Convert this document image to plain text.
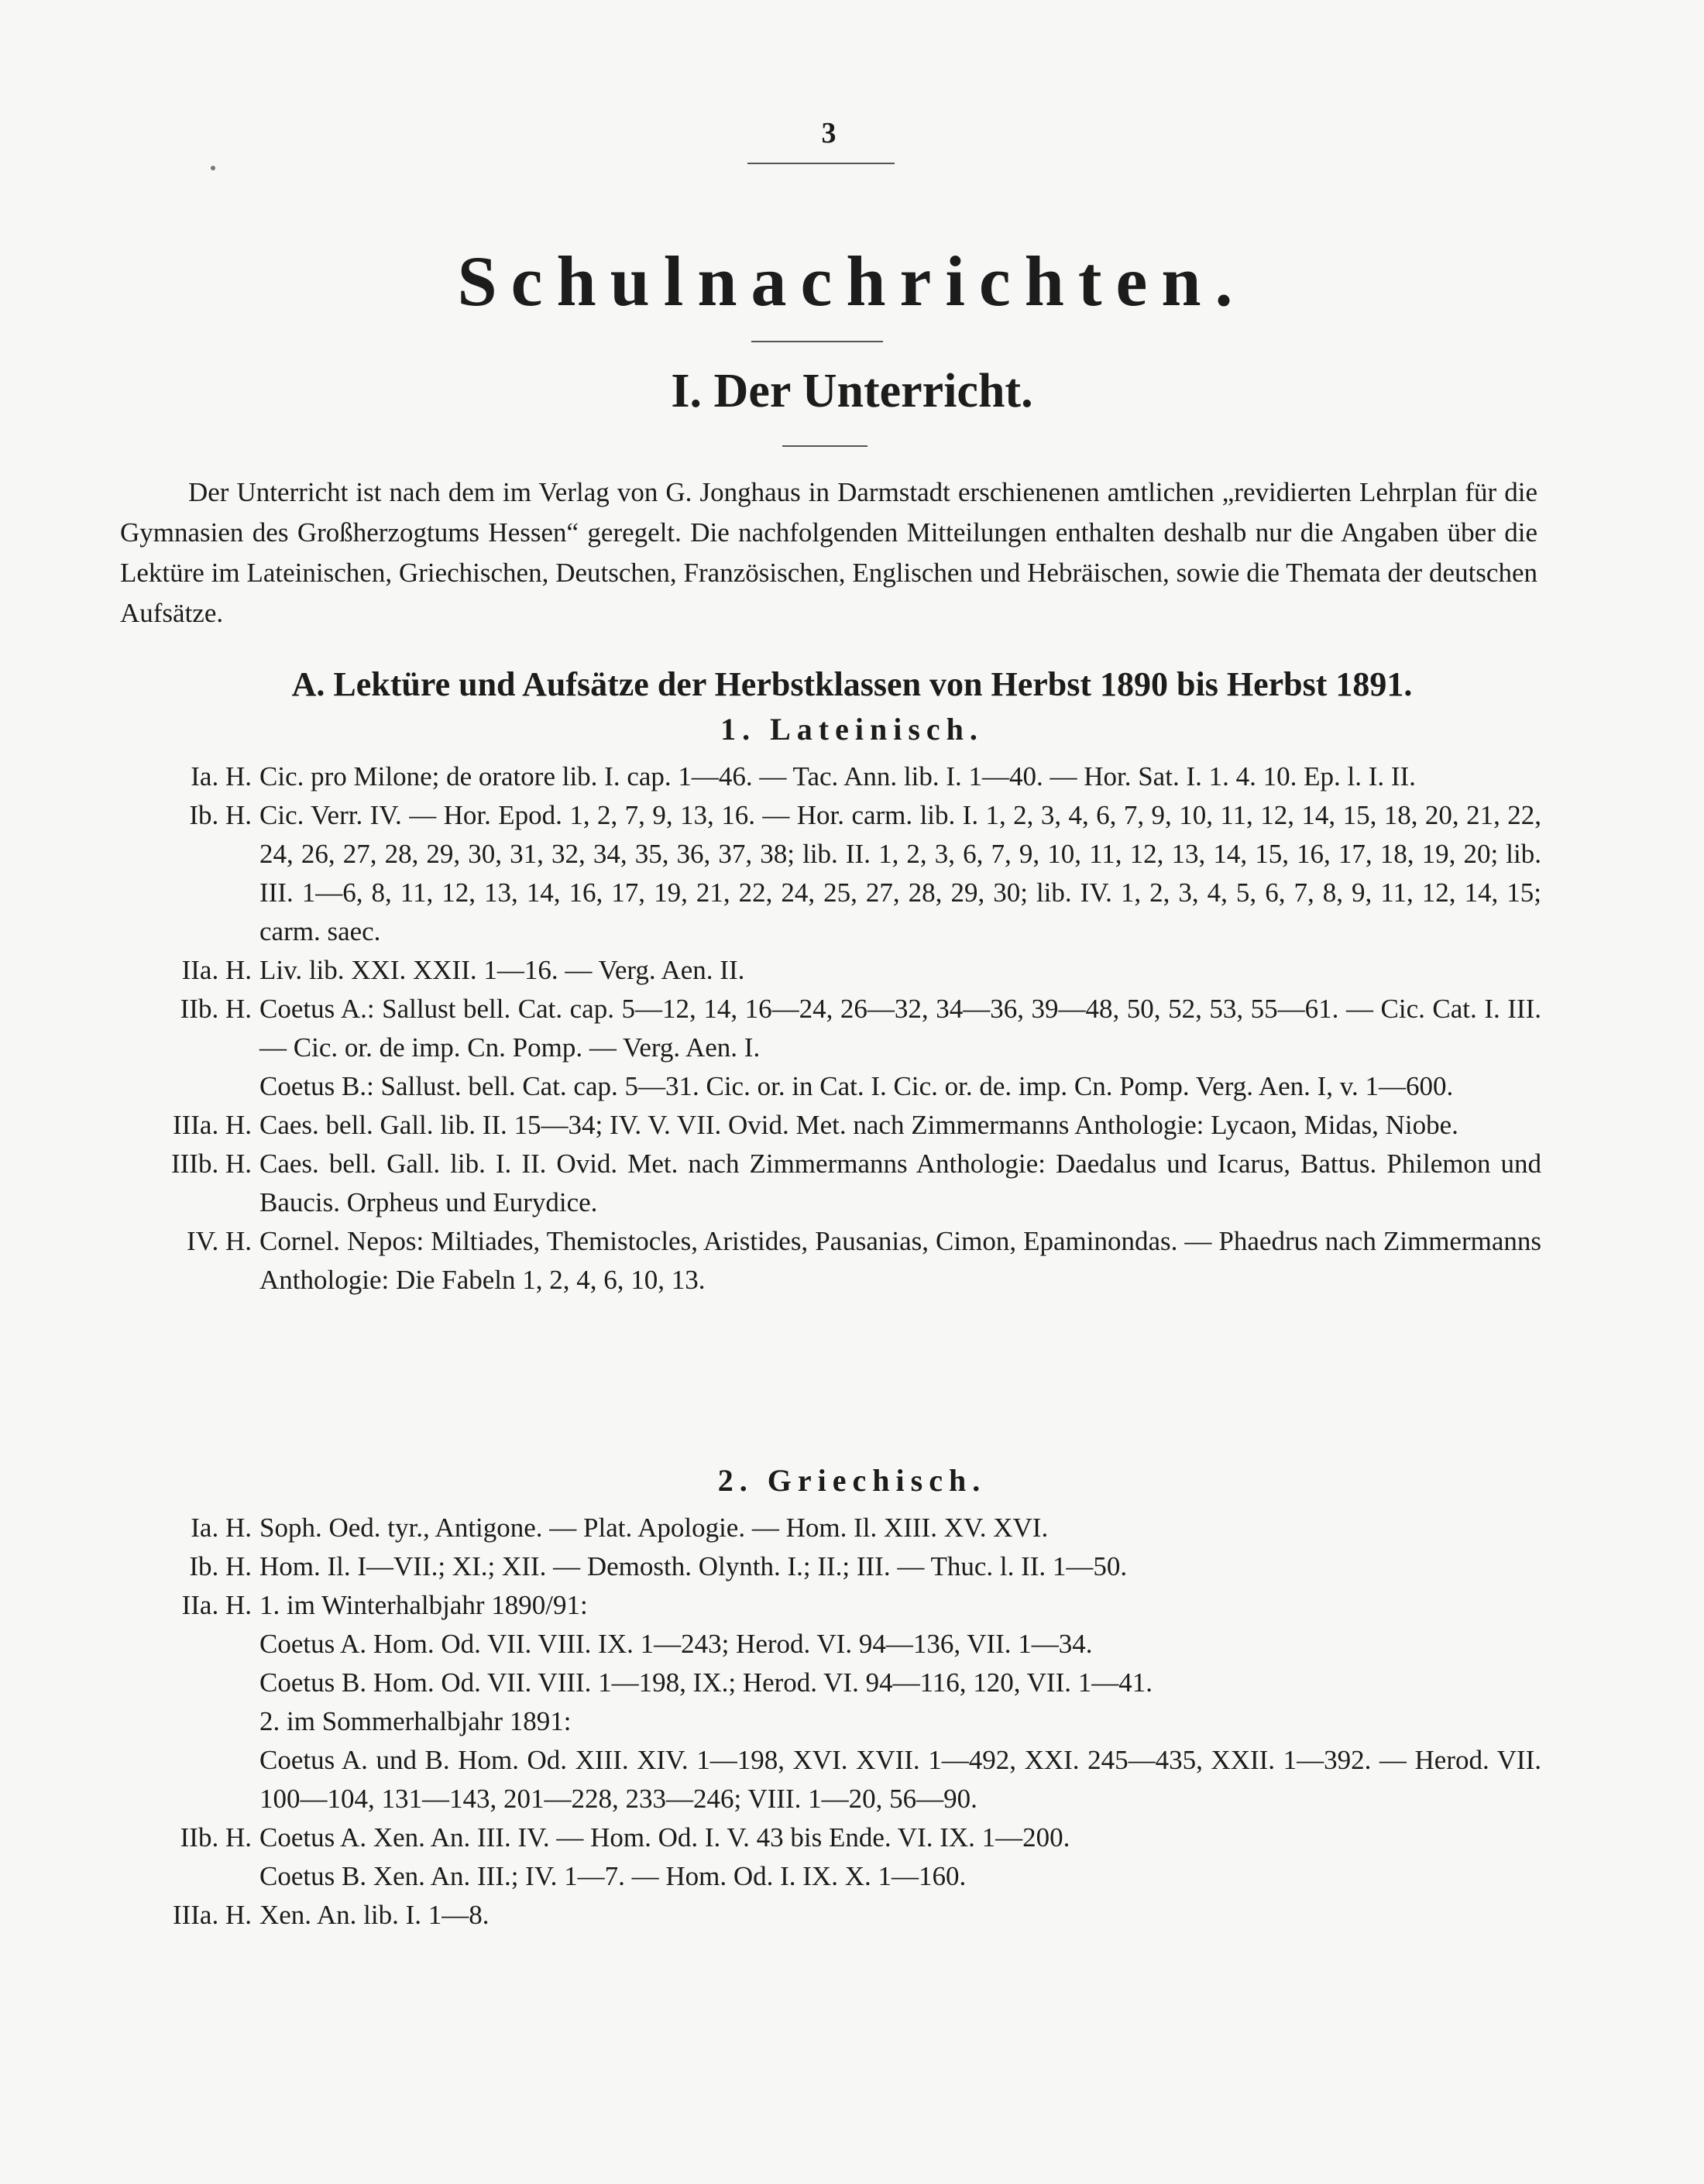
3
Schulnachrichten.
I. Der Unterricht.

Der Unterricht ist nach dem im Verlag von G. Jonghaus in Darmstadt erschienenen amtlichen „revidierten Lehrplan für die Gymnasien des Großherzogtums Hessen“ geregelt. Die nachfolgenden Mitteilungen enthalten deshalb nur die Angaben über die Lektüre im Lateinischen, Griechischen, Deutschen, Französischen, Englischen und Hebräischen, sowie die Themata der deutschen Aufsätze.

A. Lektüre und Aufsätze der Herbstklassen von Herbst 1890 bis Herbst 1891.
1. Lateinisch.
Ia. H. Cic. pro Milone; de oratore lib. I. cap. 1—46. — Tac. Ann. lib. I. 1—40. — Hor. Sat. I. 1. 4. 10. Ep. l. I. II.
Ib. H. Cic. Verr. IV. — Hor. Epod. 1, 2, 7, 9, 13, 16. — Hor. carm. lib. I. 1, 2, 3, 4, 6, 7, 9, 10, 11, 12, 14, 15, 18, 20, 21, 22, 24, 26, 27, 28, 29, 30, 31, 32, 34, 35, 36, 37, 38; lib. II. 1, 2, 3, 6, 7, 9, 10, 11, 12, 13, 14, 15, 16, 17, 18, 19, 20; lib. III. 1—6, 8, 11, 12, 13, 14, 16, 17, 19, 21, 22, 24, 25, 27, 28, 29, 30; lib. IV. 1, 2, 3, 4, 5, 6, 7, 8, 9, 11, 12, 14, 15; carm. saec.
IIa. H. Liv. lib. XXI. XXII. 1—16. — Verg. Aen. II.
IIb. H. Coetus A.: Sallust bell. Cat. cap. 5—12, 14, 16—24, 26—32, 34—36, 39—48, 50, 52, 53, 55—61. — Cic. Cat. I. III. — Cic. or. de imp. Cn. Pomp. — Verg. Aen. I.
Coetus B.: Sallust. bell. Cat. cap. 5—31. Cic. or. in Cat. I. Cic. or. de. imp. Cn. Pomp. Verg. Aen. I, v. 1—600.
IIIa. H. Caes. bell. Gall. lib. II. 15—34; IV. V. VII. Ovid. Met. nach Zimmermanns Anthologie: Lycaon, Midas, Niobe.
IIIb. H. Caes. bell. Gall. lib. I. II. Ovid. Met. nach Zimmermanns Anthologie: Daedalus und Icarus, Battus. Philemon und Baucis. Orpheus und Eurydice.
IV. H. Cornel. Nepos: Miltiades, Themistocles, Aristides, Pausanias, Cimon, Epaminondas. — Phaedrus nach Zimmermanns Anthologie: Die Fabeln 1, 2, 4, 6, 10, 13.
2. Griechisch.
Ia. H. Soph. Oed. tyr., Antigone. — Plat. Apologie. — Hom. Il. XIII. XV. XVI.
Ib. H. Hom. Il. I—VII.; XI.; XII. — Demosth. Olynth. I.; II.; III. — Thuc. l. II. 1—50.
IIa. H. 1. im Winterhalbjahr 1890/91:
Coetus A. Hom. Od. VII. VIII. IX. 1—243; Herod. VI. 94—136, VII. 1—34.
Coetus B. Hom. Od. VII. VIII. 1—198, IX.; Herod. VI. 94—116, 120, VII. 1—41.
2. im Sommerhalbjahr 1891:
Coetus A. und B. Hom. Od. XIII. XIV. 1—198, XVI. XVII. 1—492, XXI. 245—435, XXII. 1—392. — Herod. VII. 100—104, 131—143, 201—228, 233—246; VIII. 1—20, 56—90.
IIb. H. Coetus A. Xen. An. III. IV. — Hom. Od. I. V. 43 bis Ende. VI. IX. 1—200.
Coetus B. Xen. An. III.; IV. 1—7. — Hom. Od. I. IX. X. 1—160.
IIIa. H. Xen. An. lib. I. 1—8.
